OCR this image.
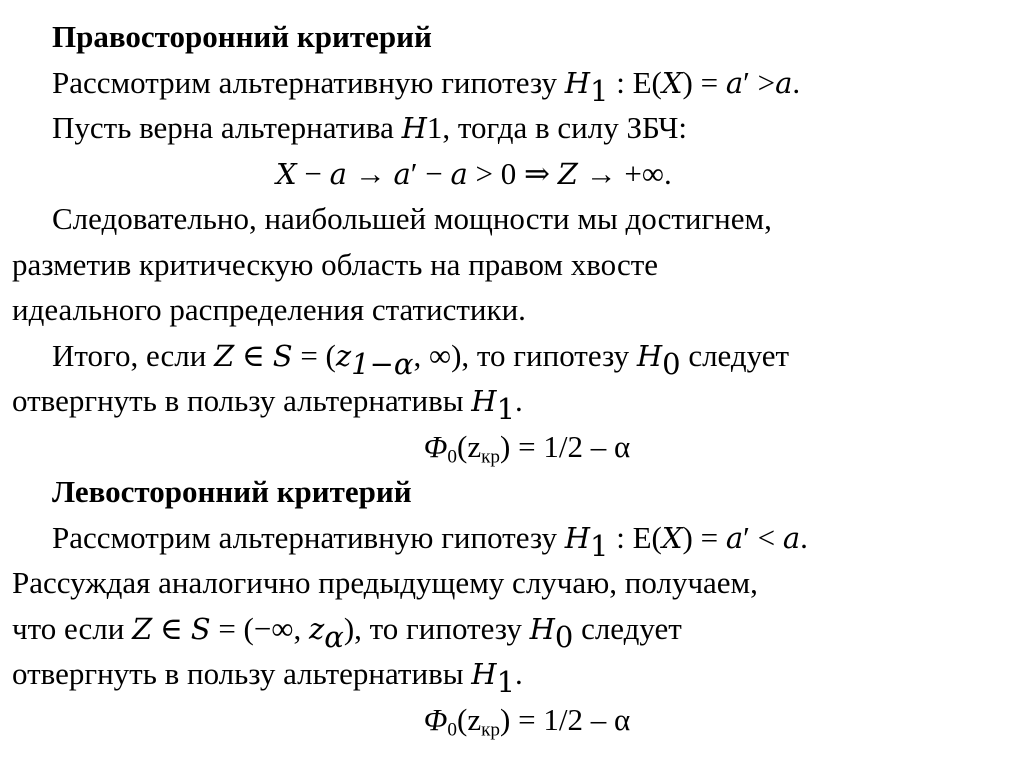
Правосторонний критерий
Рассмотрим альтернативную гипотезу $H_1$ : E(X) = a′ >a.
Пусть верна альтернатива H1, тогда в силу ЗБЧ:
X − a → a′ − a > 0 ⇒ Z → +∞.
Следовательно, наибольшей мощности мы достигнем,
разметив критическую область на правом хвосте
идеального распределения статистики.
Итого, если Z ∈ $S = (z_{1-\alpha}$, ∞), то гипотезу $H_0$ следует
отвергнуть в пользу альтернативы $H_1$.
$\Phi_0(z_{кр}) = 1/2 - \alpha$
Левосторонний критерий
Рассмотрим альтернативную гипотезу $H_1$ : E(X) = a′ < a.
Рассуждая аналогично предыдущему случаю, получаем,
что если Z ∈ S = (−∞, $z_\alpha$), то гипотезу $H_0$ следует
отвергнуть в пользу альтернативы $H_1$.
$\Phi_0(z_{кр}) = 1/2 - \alpha$
